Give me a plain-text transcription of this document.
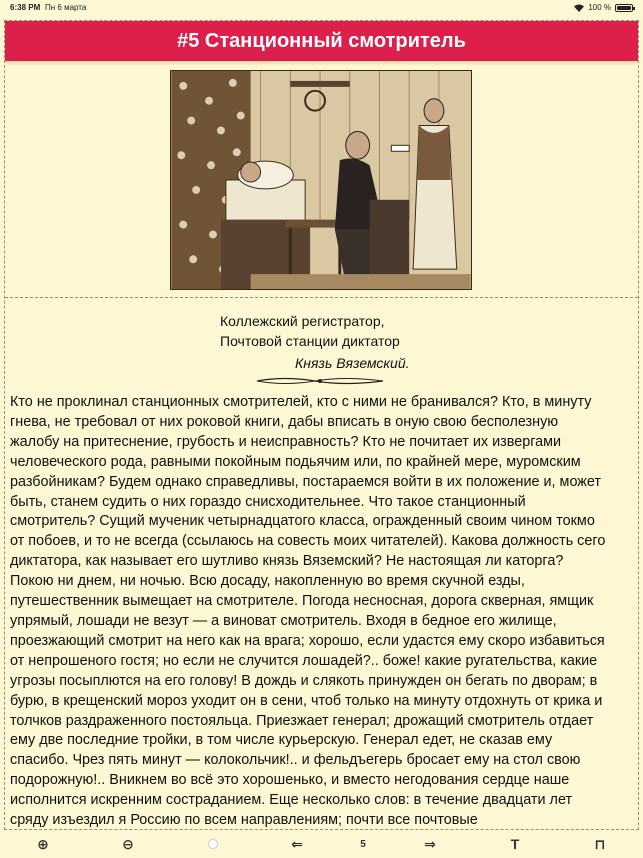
6:38 PM Пн 6 марта	100 %
#5 Станционный смотритель
Коллежский регистратор,
Почтовой станции диктатор
Князь Вяземский.
Кто не проклинал станционных смотрителей, кто с ними не бранивался? Кто, в минуту гнева, не требовал от них роковой книги, дабы вписать в оную свою бесполезную жалобу на притеснение, грубость и неисправность? Кто не почитает их извергами человеческого рода, равными покойным подьячим или, по крайней мере, муромским разбойникам? Будем однако справедливы, постараемся войти в их положение и, может быть, станем судить о них гораздо снисходительнее. Что такое станционный смотритель? Сущий мученик четырнадцатого класса, огражденный своим чином токмо от побоев, и то не всегда (ссылаюсь на совесть моих читателей). Какова должность сего диктатора, как называет его шутливо князь Вяземский? Не настоящая ли каторга? Покою ни днем, ни ночью. Всю досаду, накопленную во время скучной езды, путешественник вымещает на смотрителе. Погода несносная, дорога скверная, ямщик упрямый, лошади не везут — а виноват смотритель. Входя в бедное его жилище, проезжающий смотрит на него как на врага; хорошо, если удастся ему скоро избавиться от непрошеного гостя; но если не случится лошадей?.. боже! какие ругательства, какие угрозы посыплются на его голову! В дождь и слякоть принужден он бегать по дворам; в бурю, в крещенский мороз уходит он в сени, чтоб только на минуту отдохнуть от крика и толчков раздраженного постояльца. Приезжает генерал; дрожащий смотритель отдает ему две последние тройки, в том числе курьерскую. Генерал едет, не сказав ему спасибо. Чрез пять минут — колокольчик!.. и фельдъегерь бросает ему на стол свою подорожную!.. Вникнем во всё это хорошенько, и вместо негодования сердце наше исполнится искренним состраданием. Еще несколько слов: в течение двадцати лет сряду изъездил я Россию по всем направлениям; почти все почтовые
⊕	⊖	⇐	5	⇒	T	⊓
